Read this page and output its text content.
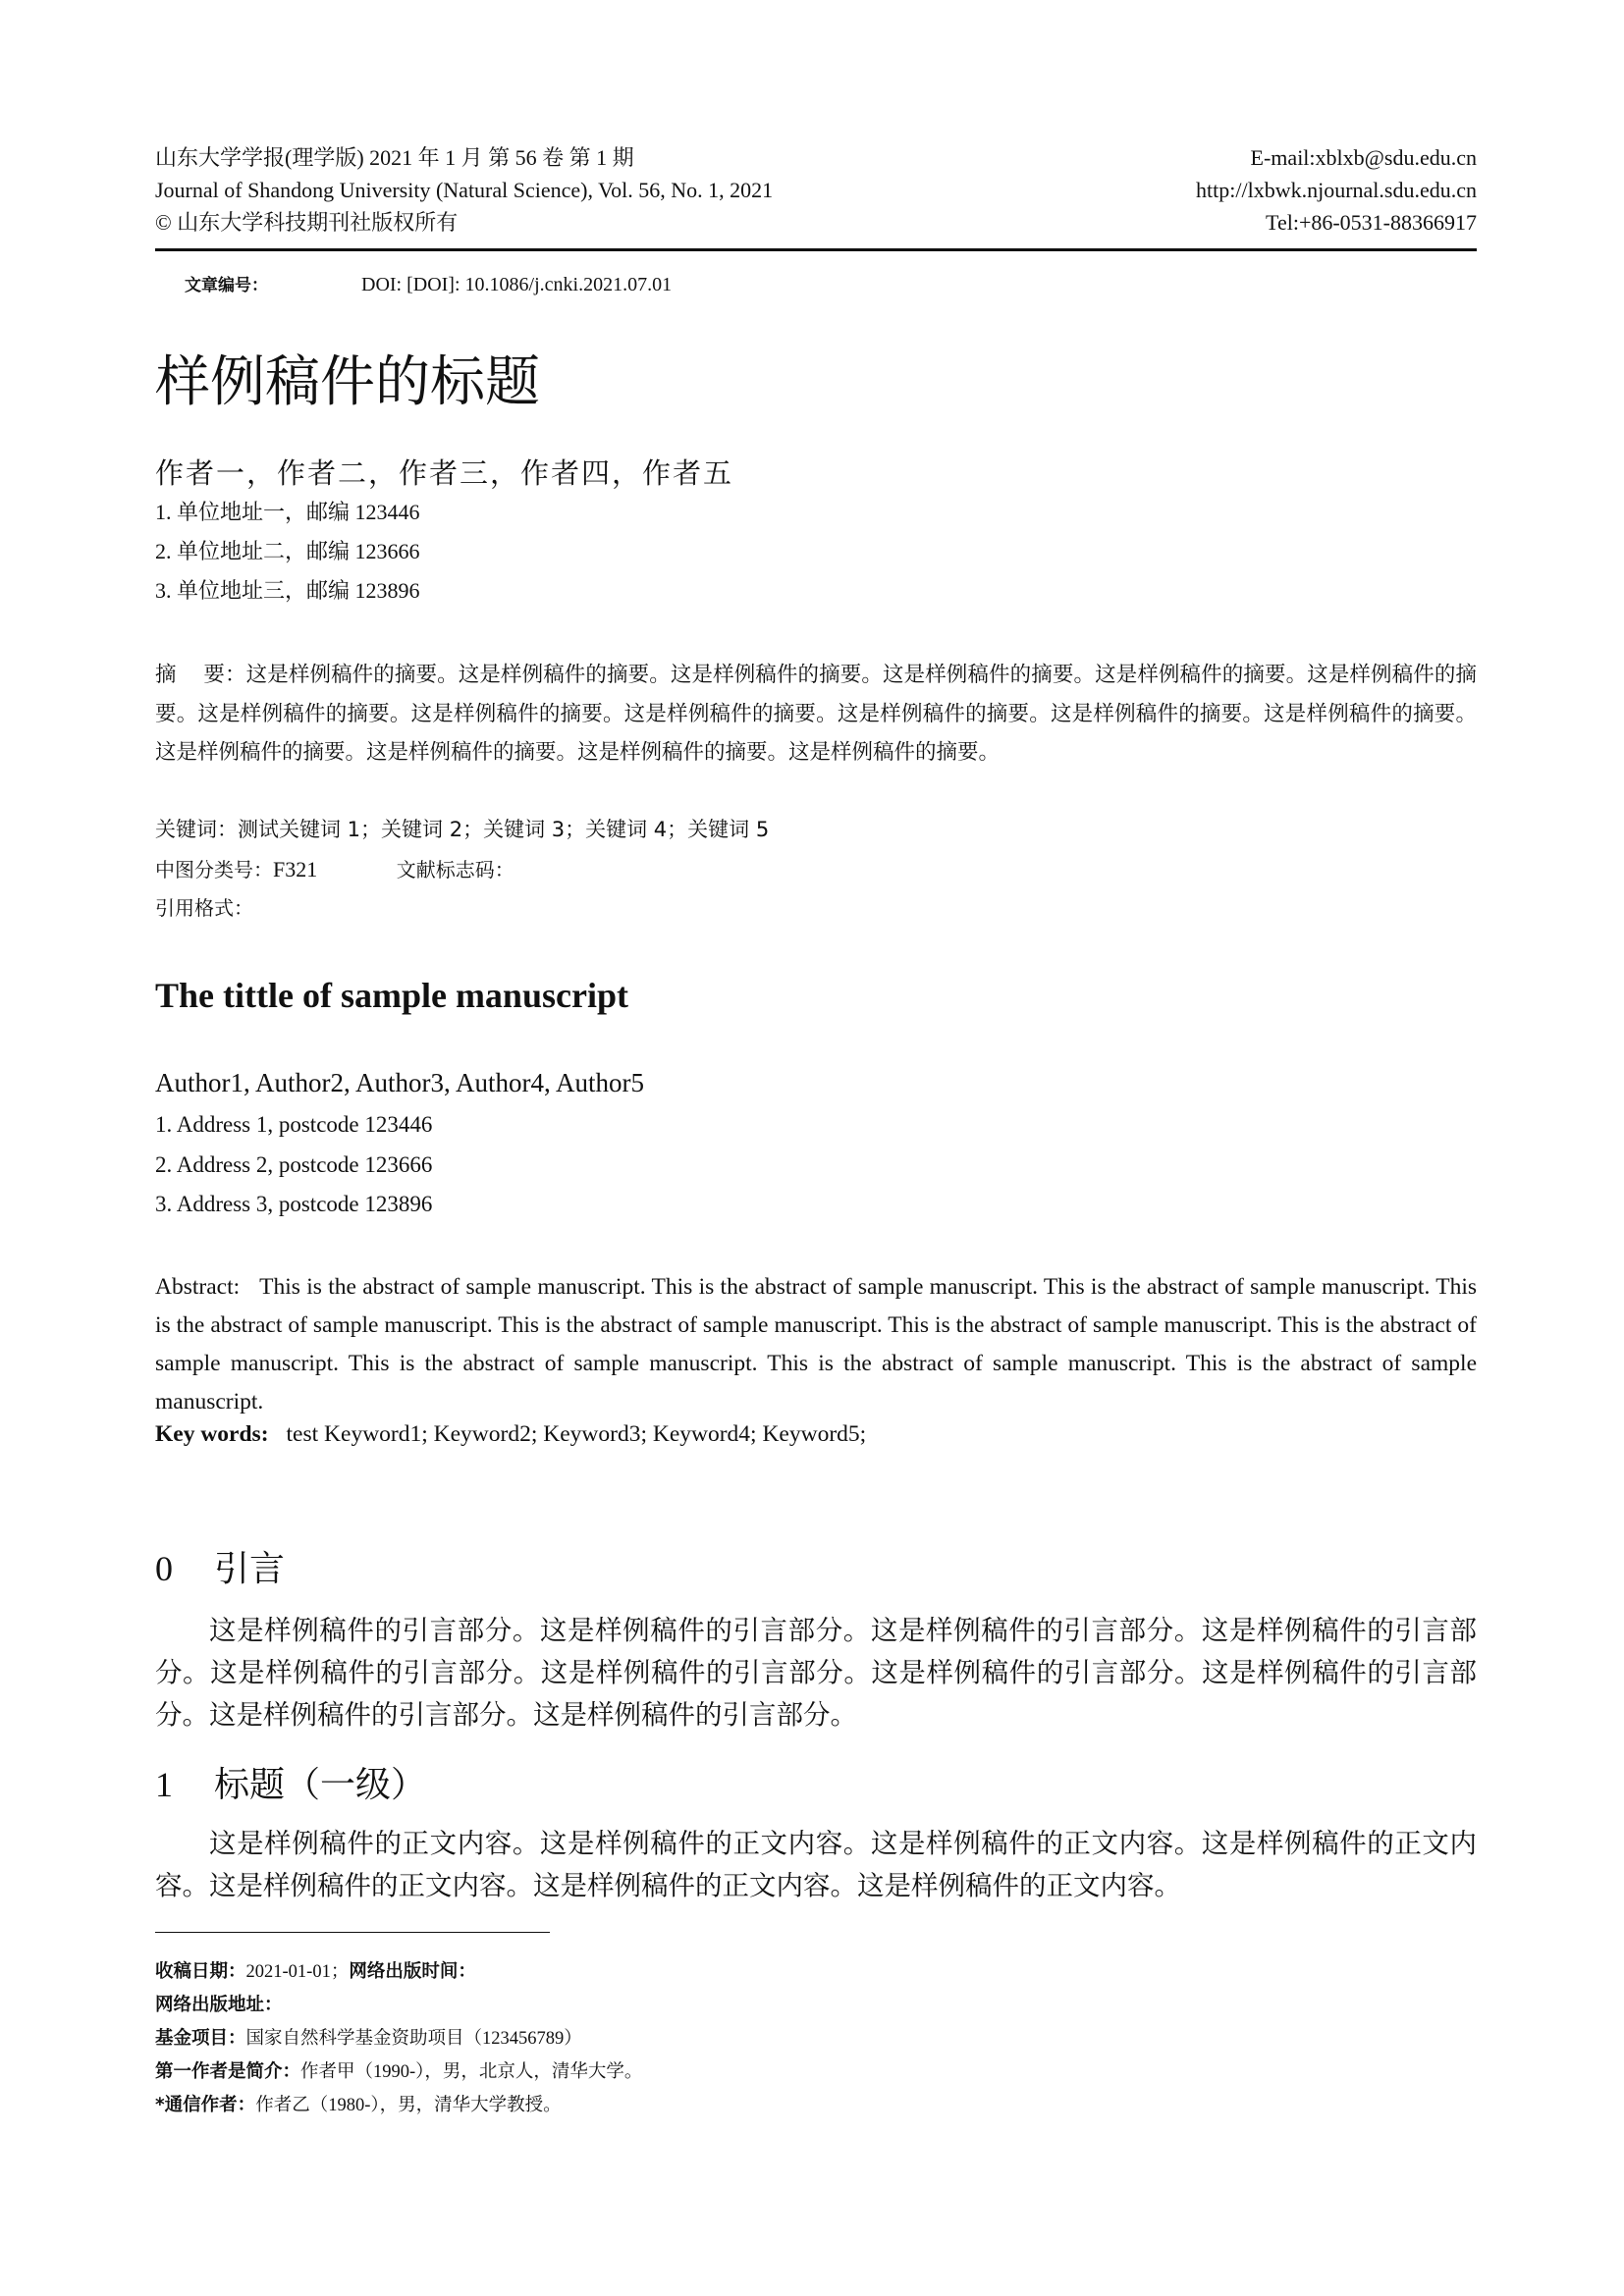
山东大学学报(理学版) 2021 年 1 月 第 56 卷 第 1 期
Journal of Shandong University (Natural Science), Vol. 56, No. 1, 2021
© 山东大学科技期刊社版权所有
E-mail:xblxb@sdu.edu.cn
http://lxbwk.njournal.sdu.edu.cn
Tel:+86-0531-88366917
文章编号：	DOI: [DOI]: 10.1086/j.cnki.2021.07.01
样例稿件的标题
作者一，作者二，作者三，作者四，作者五
1. 单位地址一，邮编 123446
2. 单位地址二，邮编 123666
3. 单位地址三，邮编 123896
摘    要：这是样例稿件的摘要。这是样例稿件的摘要。这是样例稿件的摘要。这是样例稿件的摘要。这是样例稿件的摘要。这是样例稿件的摘要。这是样例稿件的摘要。这是样例稿件的摘要。这是样例稿件的摘要。这是样例稿件的摘要。这是样例稿件的摘要。这是样例稿件的摘要。这是样例稿件的摘要。这是样例稿件的摘要。这是样例稿件的摘要。这是样例稿件的摘要。
关键词：测试关键词 1；关键词 2；关键词 3；关键词 4；关键词 5
中图分类号：F321	文献标志码：
引用格式：
The tittle of sample manuscript
Author1, Author2, Author3, Author4, Author5
1. Address 1, postcode 123446
2. Address 2, postcode 123666
3. Address 3, postcode 123896
Abstract: This is the abstract of sample manuscript. This is the abstract of sample manuscript. This is the abstract of sample manuscript. This is the abstract of sample manuscript. This is the abstract of sample manuscript. This is the abstract of sample manuscript. This is the abstract of sample manuscript. This is the abstract of sample manuscript. This is the abstract of sample manuscript. This is the abstract of sample manuscript.
Key words: test Keyword1; Keyword2; Keyword3; Keyword4; Keyword5;
0 引言
这是样例稿件的引言部分。这是样例稿件的引言部分。这是样例稿件的引言部分。这是样例稿件的引言部分。这是样例稿件的引言部分。这是样例稿件的引言部分。这是样例稿件的引言部分。这是样例稿件的引言部分。这是样例稿件的引言部分。这是样例稿件的引言部分。
1 标题（一级）
这是样例稿件的正文内容。这是样例稿件的正文内容。这是样例稿件的正文内容。这是样例稿件的正文内容。这是样例稿件的正文内容。这是样例稿件的正文内容。这是样例稿件的正文内容。
收稿日期：2021-01-01；网络出版时间：
网络出版地址：
基金项目：国家自然科学基金资助项目（123456789）
第一作者是简介：作者甲（1990-），男，北京人，清华大学。
*通信作者：作者乙（1980-），男，清华大学教授。
